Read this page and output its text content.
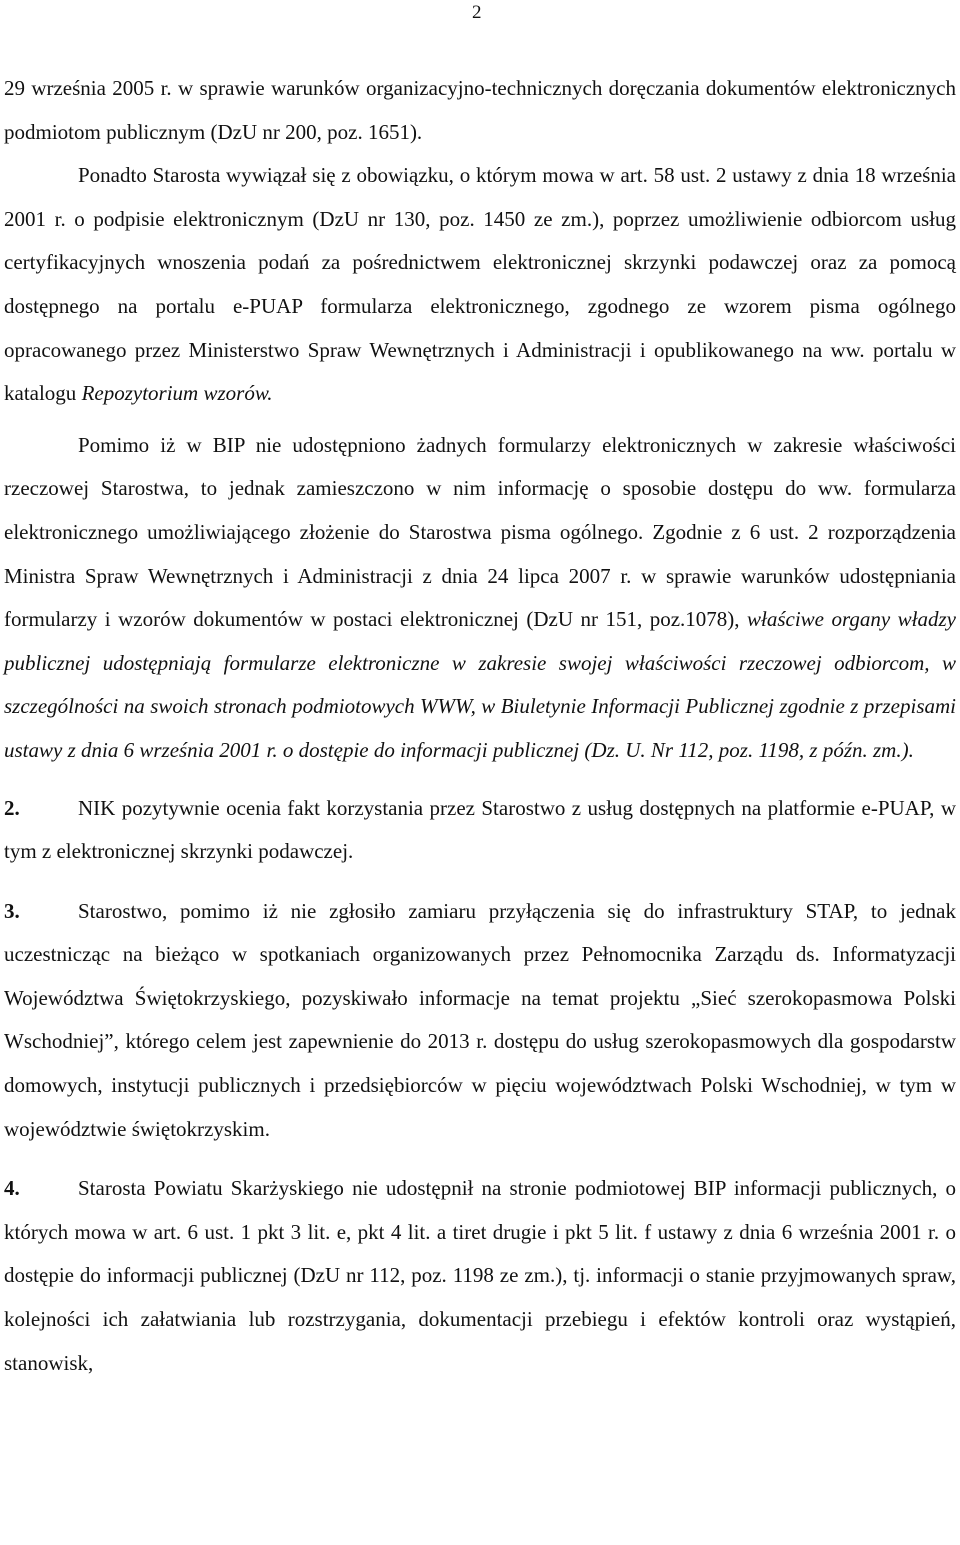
2

29 września 2005 r. w sprawie warunków organizacyjno-technicznych doręczania dokumentów elektronicznych podmiotom publicznym (DzU nr 200, poz. 1651).

Ponadto Starosta wywiązał się z obowiązku, o którym mowa w art. 58 ust. 2 ustawy z dnia 18 września 2001 r. o podpisie elektronicznym (DzU nr 130, poz. 1450 ze zm.), poprzez umożliwienie odbiorcom usług certyfikacyjnych wnoszenia podań za pośrednictwem elektronicznej skrzynki podawczej oraz za pomocą dostępnego na portalu e-PUAP formularza elektronicznego, zgodnego ze wzorem pisma ogólnego opracowanego przez Ministerstwo Spraw Wewnętrznych i Administracji i opublikowanego na ww. portalu w katalogu Repozytorium wzorów.

Pomimo iż w BIP nie udostępniono żadnych formularzy elektronicznych w zakresie właściwości rzeczowej Starostwa, to jednak zamieszczono w nim informację o sposobie dostępu do ww. formularza elektronicznego umożliwiającego złożenie do Starostwa pisma ogólnego. Zgodnie z 6 ust. 2 rozporządzenia Ministra Spraw Wewnętrznych i Administracji z dnia 24 lipca 2007 r. w sprawie warunków udostępniania formularzy i wzorów dokumentów w postaci elektronicznej (DzU nr 151, poz.1078), właściwe organy władzy publicznej udostępniają formularze elektroniczne w zakresie swojej właściwości rzeczowej odbiorcom, w szczególności na swoich stronach podmiotowych WWW, w Biuletynie Informacji Publicznej zgodnie z przepisami ustawy z dnia 6 września 2001 r. o dostępie do informacji publicznej (Dz. U. Nr 112, poz. 1198, z późn. zm.).

2.	NIK pozytywnie ocenia fakt korzystania przez Starostwo z usług dostępnych na platformie e-PUAP, w tym z elektronicznej skrzynki podawczej.

3.	Starostwo, pomimo iż nie zgłosiło zamiaru przyłączenia się do infrastruktury STAP, to jednak uczestnicząc na bieżąco w spotkaniach organizowanych przez Pełnomocnika Zarządu ds. Informatyzacji Województwa Świętokrzyskiego, pozyskiwało informacje na temat projektu „Sieć szerokopasmowa Polski Wschodniej”, którego celem jest zapewnienie do 2013 r. dostępu do usług szerokopasmowych dla gospodarstw domowych, instytucji publicznych i przedsiębiorców w pięciu województwach Polski Wschodniej, w tym w województwie świętokrzyskim.

4.	Starosta Powiatu Skarżyskiego nie udostępnił na stronie podmiotowej BIP informacji publicznych, o których mowa w art. 6 ust. 1 pkt 3 lit. e, pkt 4 lit. a tiret drugie i pkt 5 lit. f ustawy z dnia 6 września 2001 r. o dostępie do informacji publicznej (DzU nr 112, poz. 1198 ze zm.), tj. informacji o stanie przyjmowanych spraw, kolejności ich załatwiania lub rozstrzygania, dokumentacji przebiegu i efektów kontroli oraz wystąpień, stanowisk,
